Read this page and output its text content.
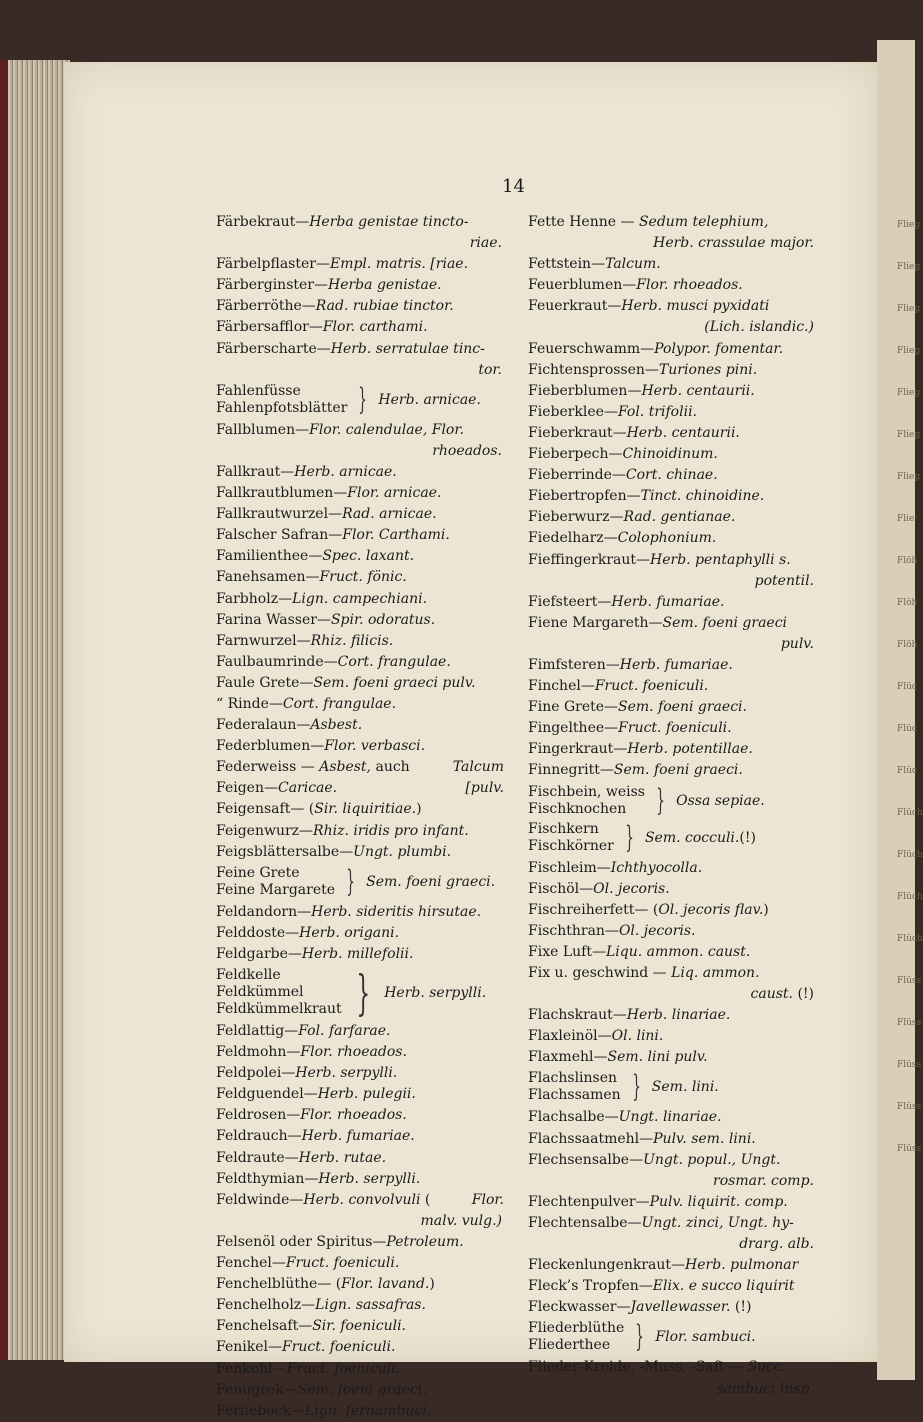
Flieg
Flieg
Flieg
Flieg
Flieg
Flieg
Flieg
Flie
Flöh
Flöh
Flöh
Flüc
Flüc
Flüc
Flüch
Flüch
Flüch
Flüch
Flüss
Flüss
Flüss
Flüss
Flüss
14
Färbekraut—Herba genistae tincto-
riae.
Färbelpflaster—Empl. matris. [riae.
Färberginster—Herba genistae.
Färberröthe—Rad. rubiae tinctor.
Färbersafflor—Flor. carthami.
Färberscharte—Herb. serratulae tinc-
tor.
Fahlenfüsse
Fahlenpfotsblätter } Herb. arnicae.
Fallblumen—Flor. calendulae, Flor.
rhoeados.
Fallkraut—Herb. arnicae.
Fallkrautblumen—Flor. arnicae.
Fallkrautwurzel—Rad. arnicae.
Falscher Safran—Flor. Carthami.
Familienthee—Spec. laxant.
Fanehsamen—Fruct. fönic.
Farbholz—Lign. campechiani.
Farina Wasser—Spir. odoratus.
Farnwurzel—Rhiz. filicis.
Faulbaumrinde—Cort. frangulae.
Faule Grete—Sem. foeni graeci pulv.
“ Rinde—Cort. frangulae.
Federalaun—Asbest.
Federblumen—Flor. verbasci.
Federweiss — Asbest, auch	Talcum
Feigen—Caricae.	[pulv.
Feigensaft— (Sir. liquiritiae.)
Feigenwurz—Rhiz. iridis pro infant.
Feigsblättersalbe—Ungt. plumbi.
Feine Grete
Feine Margarete } Sem. foeni graeci.
Feldandorn—Herb. sideritis hirsutae.
Felddoste—Herb. origani.
Feldgarbe—Herb. millefolii.
Feldkelle
Feldkümmel
Feldkümmelkraut } Herb. serpylli.
Feldlattig—Fol. farfarae.
Feldmohn—Flor. rhoeados.
Feldpolei—Herb. serpylli.
Feldguendel—Herb. pulegii.
Feldrosen—Flor. rhoeados.
Feldrauch—Herb. fumariae.
Feldraute—Herb. rutae.
Feldthymian—Herb. serpylli.
Feldwinde—Herb. convolvuli (	Flor.
malv. vulg.)
Felsenöl oder Spiritus—Petroleum.
Fenchel—Fruct. foeniculi.
Fenchelblüthe— (Flor. lavand.)
Fenchelholz—Lign. sassafras.
Fenchelsaft—Sir. foeniculi.
Fenikel—Fruct. foeniculi.
Fenkohl—Fruct. foeniculi.
Fenugrek—Sem. foeni graeci.
Fernebock—Lign. fernambuci.
Fette Henne — Sedum telephium,
Herb. crassulae major.
Fettstein—Talcum.
Feuerblumen—Flor. rhoeados.
Feuerkraut—Herb. musci pyxidati
(Lich. islandic.)
Feuerschwamm—Polypor. fomentar.
Fichtensprossen—Turiones pini.
Fieberblumen—Herb. centaurii.
Fieberklee—Fol. trifolii.
Fieberkraut—Herb. centaurii.
Fieberpech—Chinoidinum.
Fieberrinde—Cort. chinae.
Fiebertropfen—Tinct. chinoidine.
Fieberwurz—Rad. gentianae.
Fiedelharz—Colophonium.
Fieffingerkraut—Herb. pentaphylli s.
potentil.
Fiefsteert—Herb. fumariae.
Fiene Margareth—Sem. foeni graeci
pulv.
Fimfsteren—Herb. fumariae.
Finchel—Fruct. foeniculi.
Fine Grete—Sem. foeni graeci.
Fingelthee—Fruct. foeniculi.
Fingerkraut—Herb. potentillae.
Finnegritt—Sem. foeni graeci.
Fischbein, weiss
Fischknochen } Ossa sepiae.
Fischkern
Fischkörner } Sem. cocculi. (!)
Fischleim—Ichthyocolla.
Fischöl—Ol. jecoris.
Fischreiherfett— (Ol. jecoris flav.)
Fischthran—Ol. jecoris.
Fixe Luft—Liqu. ammon. caust.
Fix u. geschwind — Liq. ammon.
caust. (!)
Flachskraut—Herb. linariae.
Flaxleinöl—Ol. lini.
Flaxmehl—Sem. lini pulv.
Flachslinsen
Flachssamen } Sem. lini.
Flachsalbe—Ungt. linariae.
Flachssaatmehl—Pulv. sem. lini.
Flechsensalbe—Ungt. popul., Ungt.
rosmar. comp.
Flechtenpulver—Pulv. liquirit. comp.
Flechtensalbe—Ungt. zinci, Ungt. hy-
drarg. alb.
Fleckenlungenkraut—Herb. pulmonar
Fleck’s Tropfen—Elix. e succo liquirit
Fleckwasser—Javellewasser. (!)
Fliederblüthe
Fliederthee } Flor. sambuci.
Flieder-Kreide, -Muss, -Saft — Succ.
sambuci insp.
